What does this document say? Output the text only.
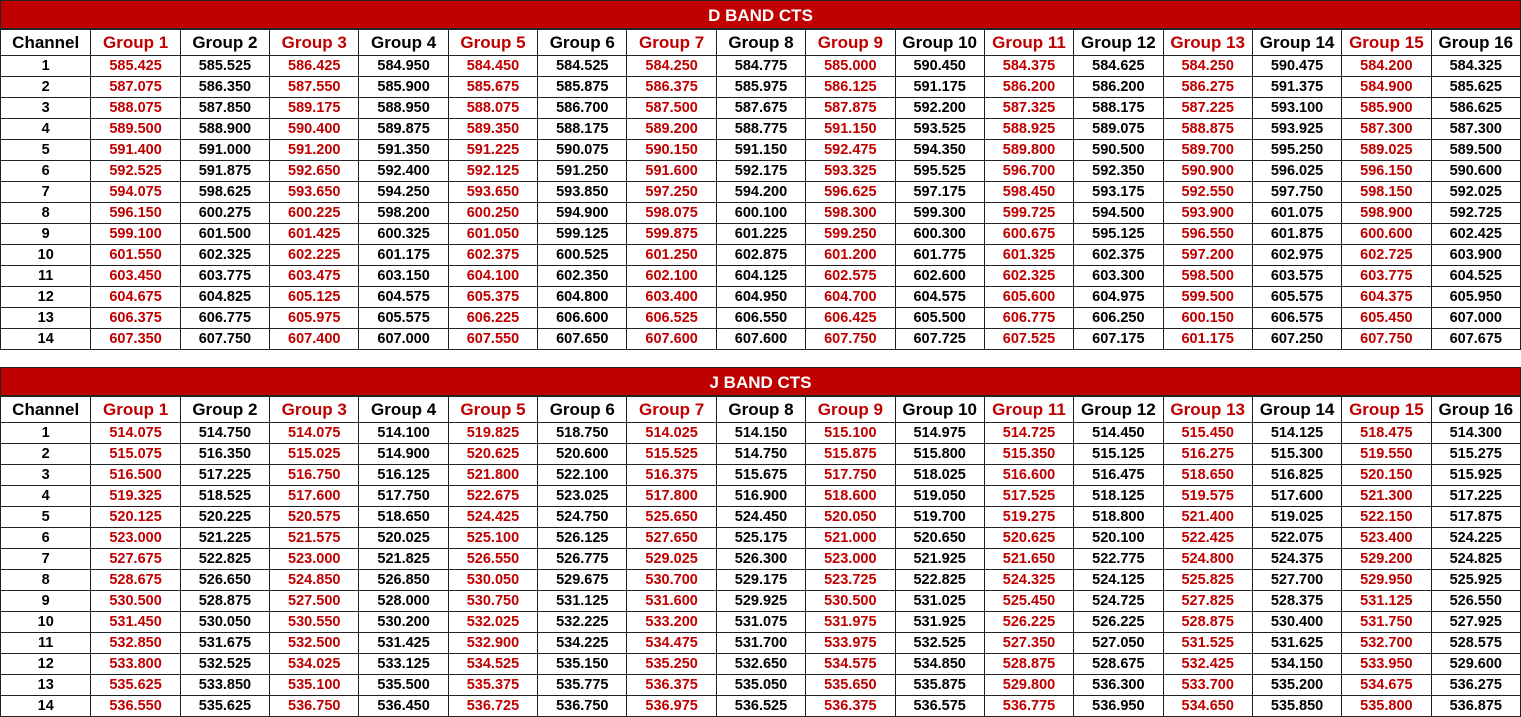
D BAND CTS
Channel	Group 1	Group 2	Group 3	Group 4	Group 5	Group 6	Group 7	Group 8	Group 9	Group 10	Group 11	Group 12	Group 13	Group 14	Group 15	Group 16
1	585.425	585.525	586.425	584.950	584.450	584.525	584.250	584.775	585.000	590.450	584.375	584.625	584.250	590.475	584.200	584.325
2	587.075	586.350	587.550	585.900	585.675	585.875	586.375	585.975	586.125	591.175	586.200	586.200	586.275	591.375	584.900	585.625
3	588.075	587.850	589.175	588.950	588.075	586.700	587.500	587.675	587.875	592.200	587.325	588.175	587.225	593.100	585.900	586.625
4	589.500	588.900	590.400	589.875	589.350	588.175	589.200	588.775	591.150	593.525	588.925	589.075	588.875	593.925	587.300	587.300
5	591.400	591.000	591.200	591.350	591.225	590.075	590.150	591.150	592.475	594.350	589.800	590.500	589.700	595.250	589.025	589.500
6	592.525	591.875	592.650	592.400	592.125	591.250	591.600	592.175	593.325	595.525	596.700	592.350	590.900	596.025	596.150	590.600
7	594.075	598.625	593.650	594.250	593.650	593.850	597.250	594.200	596.625	597.175	598.450	593.175	592.550	597.750	598.150	592.025
8	596.150	600.275	600.225	598.200	600.250	594.900	598.075	600.100	598.300	599.300	599.725	594.500	593.900	601.075	598.900	592.725
9	599.100	601.500	601.425	600.325	601.050	599.125	599.875	601.225	599.250	600.300	600.675	595.125	596.550	601.875	600.600	602.425
10	601.550	602.325	602.225	601.175	602.375	600.525	601.250	602.875	601.200	601.775	601.325	602.375	597.200	602.975	602.725	603.900
11	603.450	603.775	603.475	603.150	604.100	602.350	602.100	604.125	602.575	602.600	602.325	603.300	598.500	603.575	603.775	604.525
12	604.675	604.825	605.125	604.575	605.375	604.800	603.400	604.950	604.700	604.575	605.600	604.975	599.500	605.575	604.375	605.950
13	606.375	606.775	605.975	605.575	606.225	606.600	606.525	606.550	606.425	605.500	606.775	606.250	600.150	606.575	605.450	607.000
14	607.350	607.750	607.400	607.000	607.550	607.650	607.600	607.600	607.750	607.725	607.525	607.175	601.175	607.250	607.750	607.675
J BAND CTS
Channel	Group 1	Group 2	Group 3	Group 4	Group 5	Group 6	Group 7	Group 8	Group 9	Group 10	Group 11	Group 12	Group 13	Group 14	Group 15	Group 16
1	514.075	514.750	514.075	514.100	519.825	518.750	514.025	514.150	515.100	514.975	514.725	514.450	515.450	514.125	518.475	514.300
2	515.075	516.350	515.025	514.900	520.625	520.600	515.525	514.750	515.875	515.800	515.350	515.125	516.275	515.300	519.550	515.275
3	516.500	517.225	516.750	516.125	521.800	522.100	516.375	515.675	517.750	518.025	516.600	516.475	518.650	516.825	520.150	515.925
4	519.325	518.525	517.600	517.750	522.675	523.025	517.800	516.900	518.600	519.050	517.525	518.125	519.575	517.600	521.300	517.225
5	520.125	520.225	520.575	518.650	524.425	524.750	525.650	524.450	520.050	519.700	519.275	518.800	521.400	519.025	522.150	517.875
6	523.000	521.225	521.575	520.025	525.100	526.125	527.650	525.175	521.000	520.650	520.625	520.100	522.425	522.075	523.400	524.225
7	527.675	522.825	523.000	521.825	526.550	526.775	529.025	526.300	523.000	521.925	521.650	522.775	524.800	524.375	529.200	524.825
8	528.675	526.650	524.850	526.850	530.050	529.675	530.700	529.175	523.725	522.825	524.325	524.125	525.825	527.700	529.950	525.925
9	530.500	528.875	527.500	528.000	530.750	531.125	531.600	529.925	530.500	531.025	525.450	524.725	527.825	528.375	531.125	526.550
10	531.450	530.050	530.550	530.200	532.025	532.225	533.200	531.075	531.975	531.925	526.225	526.225	528.875	530.400	531.750	527.925
11	532.850	531.675	532.500	531.425	532.900	534.225	534.475	531.700	533.975	532.525	527.350	527.050	531.525	531.625	532.700	528.575
12	533.800	532.525	534.025	533.125	534.525	535.150	535.250	532.650	534.575	534.850	528.875	528.675	532.425	534.150	533.950	529.600
13	535.625	533.850	535.100	535.500	535.375	535.775	536.375	535.050	535.650	535.875	529.800	536.300	533.700	535.200	534.675	536.275
14	536.550	535.625	536.750	536.450	536.725	536.750	536.975	536.525	536.375	536.575	536.775	536.950	534.650	535.850	535.800	536.875
